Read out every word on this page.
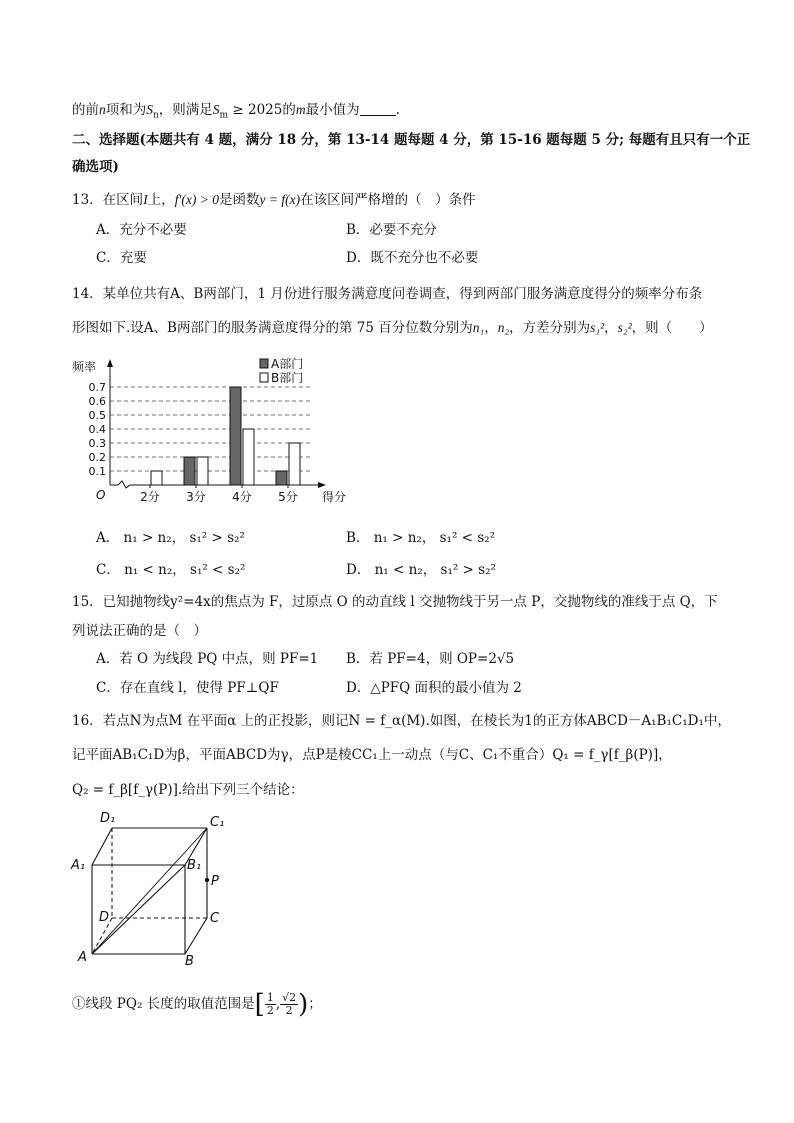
的前n项和为$S_n$，则满足$S_m \ge 2025$的m最小值为	.
二、选择题(本题共有 4 题，满分 18 分，第 13-14 题每题 4 分，第 15-16 题每题 5 分; 每题有且只有一个正
确选项)
13．在区间I上，f′(x) > 0是函数y = f(x)在该区间严格增的（　）条件
A．充分不必要	B．必要不充分
C．充要	D．既不充分也不必要
14．某单位共有A、B两部门，1 月份进行服务满意度问卷调查，得到两部门服务满意度得分的频率分布条
形图如下.设A、B两部门的服务满意度得分的第 75 百分位数分别为n₁，n₂，方差分别为s₁²，s₂²，则（　　）
0.1
0.2
0.3
0.4
0.5
0.6
0.7
频率
得分
O	2分 3分 4分 5分
A部门
B部门
A． n₁ > n₂， s₁² > s₂²	B． n₁ > n₂， s₁² < s₂²
C． n₁ < n₂， s₁² < s₂²	D． n₁ < n₂， s₁² > s₂²
15．已知抛物线y²=4x的焦点为 F，过原点 O 的动直线 l 交抛物线于另一点 P，交抛物线的准线于点 Q，下
列说法正确的是（　）
A．若 O 为线段 PQ 中点，则 PF=1 B．若 PF=4，则 OP=2√5
C．存在直线 l，使得 PF⊥QF	D．△PFQ 面积的最小值为 2
16．若点N为点M 在平面α 上的正投影，则记N = f_α(M).如图，在棱长为1的正方体ABCD－A₁B₁C₁D₁中，
记平面AB₁C₁D为β，平面ABCD为γ，点P是棱CC₁上一动点（与C、C₁不重合）Q₁ = f_γ[f_β(P)]，
Q₂ = f_β[f_γ(P)].给出下列三个结论：
D₁	C₁
A₁	B₁
P
D	C
A	B
①线段 PQ₂ 长度的取值范围是[ $\frac{1}{2}$ , $\frac{√2}{2}$ )；
